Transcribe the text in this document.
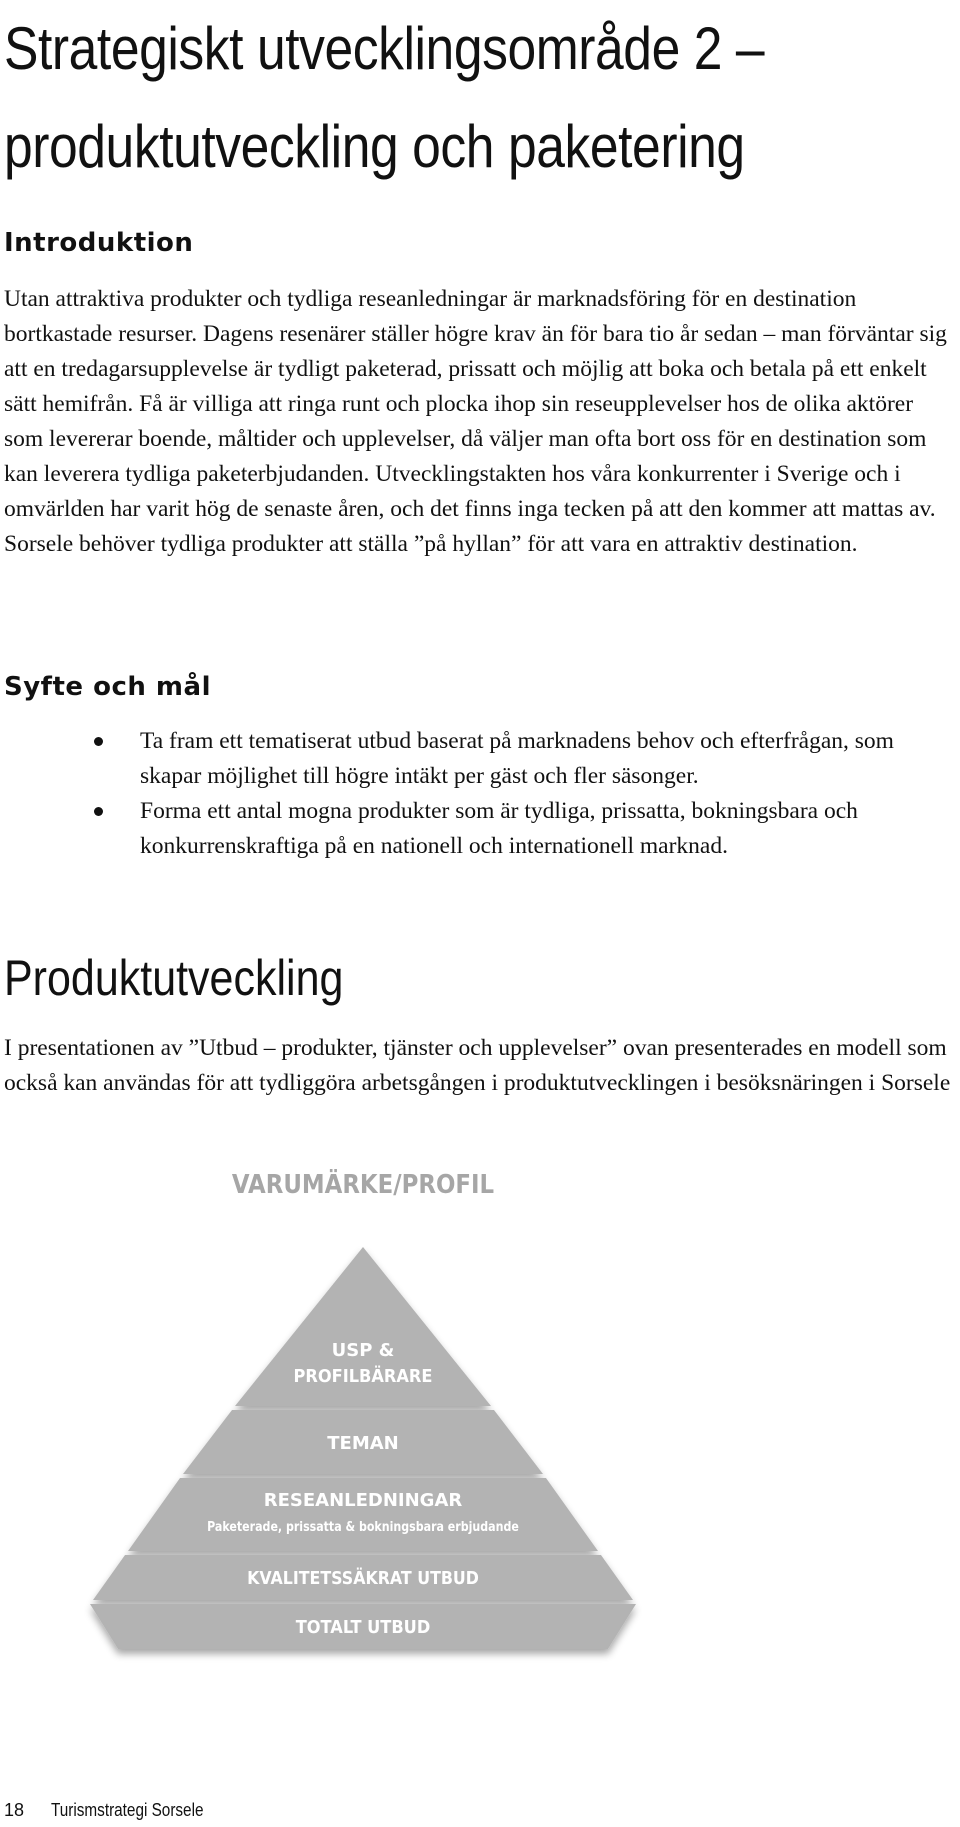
Strategiskt utvecklingsområde 2 –
produktutveckling och paketering
Introduktion

Utan attraktiva produkter och tydliga reseanledningar är marknadsföring för en destination bortkastade resurser. Dagens resenärer ställer högre krav än för bara tio år sedan – man förväntar sig att en tredagarsupplevelse är tydligt paketerad, prissatt och möjlig att boka och betala på ett enkelt sätt hemifrån. Få är villiga att ringa runt och plocka ihop sin reseupplevelser hos de olika aktörer som levererar boende, måltider och upplevelser, då väljer man ofta bort oss för en destination som kan leverera tydliga paketerbjudanden. Utvecklingstakten hos våra konkurrenter i Sverige och i omvärlden har varit hög de senaste åren, och det finns inga tecken på att den kommer att mattas av. Sorsele behöver tydliga produkter att ställa ”på hyllan” för att vara en attraktiv destination.

Syfte och mål
Ta fram ett tematiserat utbud baserat på marknadens behov och efterfrågan, som skapar möjlighet till högre intäkt per gäst och fler säsonger.
Forma ett antal mogna produkter som är tydliga, prissatta, bokningsbara och konkurrenskraftiga på en nationell och internationell marknad.
Produktutveckling

I presentationen av ”Utbud – produkter, tjänster och upplevelser” ovan presenterades en modell som också kan användas för att tydliggöra arbetsgången i produktutvecklingen i besöksnäringen i Sorsele

VARUMÄRKE/PROFIL
USP &
PROFILBÄRARE
TEMAN
RESEANLEDNINGAR
Paketerade, prissatta & bokningsbara erbjudande
KVALITETSSÄKRAT UTBUD
TOTALT UTBUD
18 Turismstrategi Sorsele
